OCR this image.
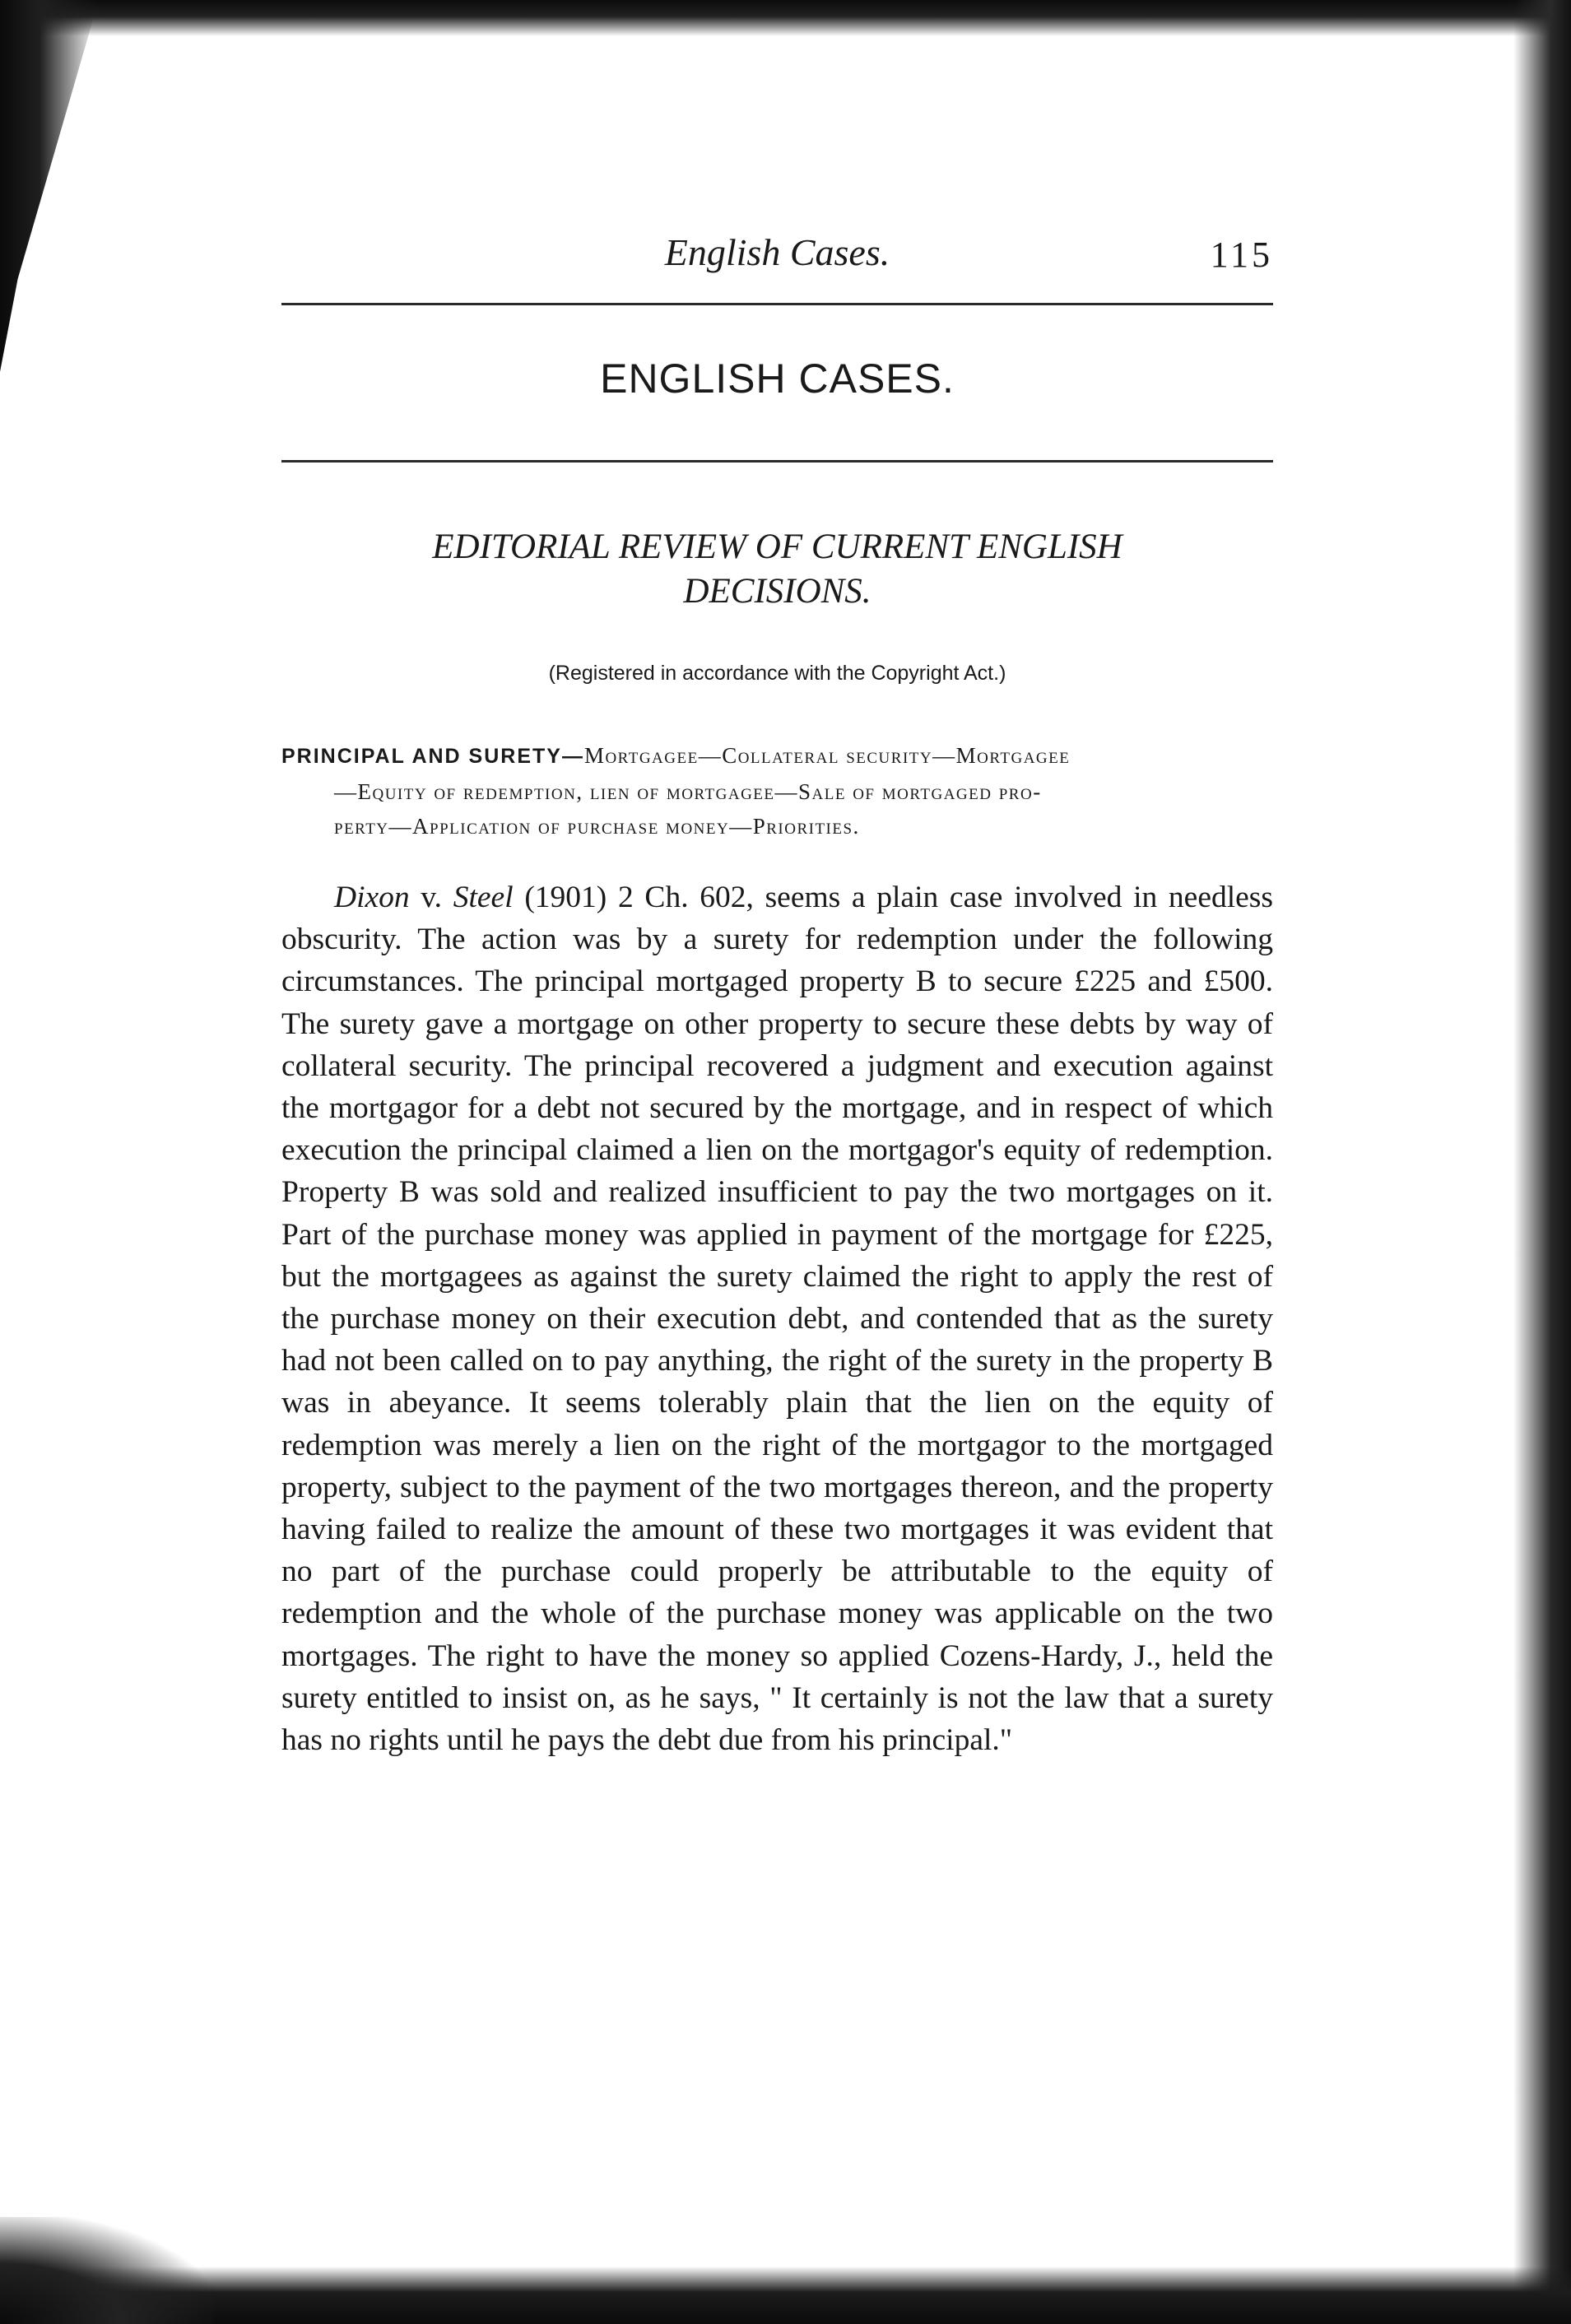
English Cases.	115
ENGLISH CASES.
EDITORIAL REVIEW OF CURRENT ENGLISH
DECISIONS.
(Registered in accordance with the Copyright Act.)

PRINCIPAL AND SURETY—Mortgagee—Collateral security—Mortgagee
—Equity of redemption, lien of mortgagee—Sale of mortgaged pro-
perty—Application of purchase money—Priorities.

Dixon v. Steel (1901) 2 Ch. 602, seems a plain case involved in needless obscurity. The action was by a surety for redemption under the following circumstances. The principal mortgaged property B to secure £225 and £500. The surety gave a mortgage on other property to secure these debts by way of collateral security. The principal recovered a judgment and execution against the mortgagor for a debt not secured by the mortgage, and in respect of which execution the principal claimed a lien on the mortgagor's equity of redemption. Property B was sold and realized insufficient to pay the two mortgages on it. Part of the purchase money was applied in payment of the mortgage for £225, but the mortgagees as against the surety claimed the right to apply the rest of the purchase money on their execution debt, and contended that as the surety had not been called on to pay anything, the right of the surety in the property B was in abeyance. It seems tolerably plain that the lien on the equity of redemption was merely a lien on the right of the mortgagor to the mortgaged property, subject to the payment of the two mortgages thereon, and the property having failed to realize the amount of these two mortgages it was evident that no part of the purchase could properly be attributable to the equity of redemption and the whole of the purchase money was applicable on the two mortgages. The right to have the money so applied Cozens-Hardy, J., held the surety entitled to insist on, as he says, " It certainly is not the law that a surety has no rights until he pays the debt due from his principal."
